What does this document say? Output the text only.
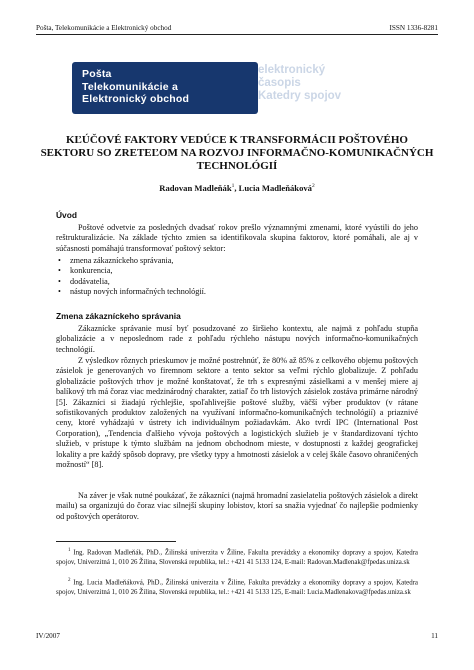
Pošta, Telekomunikácie a Elektronický obchod	ISSN 1336-8281
Pošta
Telekomunikácie a
Elektronický obchod
elektronický
časopis
Katedry spojov
KĽÚČOVÉ FAKTORY VEDÚCE K TRANSFORMÁCII POŠTOVÉHO SEKTORU SO ZRETEĽOM NA ROZVOJ INFORMAČNO-KOMUNIKAČNÝCH TECHNOLÓGIÍ
Radovan Madleňák$^1$, Lucia Madleňáková$^2$
Úvod
Poštové odvetvie za posledných dvadsať rokov prešlo významnými zmenami, ktoré vyústili do jeho reštrukturalizácie. Na základe týchto zmien sa identifikovala skupina faktorov, ktoré pomáhali, ale aj v súčasnosti pomáhajú transformovať poštový sektor:
• zmena zákazníckeho správania,
• konkurencia,
• dodávatelia,
• nástup nových informačných technológií.
Zmena zákazníckeho správania
Zákaznícke správanie musí byť posudzované zo širšieho kontextu, ale najmä z pohľadu stupňa globalizácie a v neposlednom rade z pohľadu rýchleho nástupu nových informačno-komunikačných technológií.
Z výsledkov rôznych prieskumov je možné postrehnúť, že 80% až 85% z celkového objemu poštových zásielok je generovaných vo firemnom sektore a tento sektor sa veľmi rýchlo globalizuje. Z pohľadu globalizácie poštových trhov je možné konštatovať, že trh s expresnými zásielkami a v menšej miere aj balíkový trh má čoraz viac medzinárodný charakter, zatiaľ čo trh listových zásielok zostáva primárne národný [5]. Zákazníci si žiadajú rýchlejšie, spoľahlivejšie poštové služby, väčší výber produktov (v rátane sofistikovaných produktov založených na využívaní informačno-komunikačných technológií) a priaznivé ceny, ktoré vyhádzajú v ústrety ich individuálnym požiadavkám. Ako tvrdí IPC (International Post Corporation), „Tendencia ďalšieho vývoja poštových a logistických služieb je v štandardizovaní týchto služieb, v prístupe k týmto službám na jednom obchodnom mieste, v dostupnosti z každej geografickej lokality a pre každý spôsob dopravy, pre všetky typy a hmotnosti zásielok a v celej škále časovo ohraničených možností“ [8].
Na záver je však nutné poukázať, že zákazníci (najmä hromadní zasielatelia poštových zásielok a direkt mailu) sa organizujú do čoraz viac silnejší skupiny lobistov, ktorí sa snažia vyjednať čo najlepšie podmienky od poštových operátorov.
$^1$ Ing. Radovan Madleňák, PhD., Žilinská univerzita v Žiline, Fakulta prevádzky a ekonomiky dopravy a spojov, Katedra spojov, Univerzitná 1, 010 26 Žilina, Slovenská republika, tel.: +421 41 5133 124, E-mail: Radovan.Madlenak@fpedas.uniza.sk
$^2$ Ing. Lucia Madleňáková, PhD., Žilinská univerzita v Žiline, Fakulta prevádzky a ekonomiky dopravy a spojov, Katedra spojov, Univerzitná 1, 010 26 Žilina, Slovenská republika, tel.: +421 41 5133 125, E-mail: Lucia.Madlenakova@fpedas.uniza.sk
IV/2007	11
